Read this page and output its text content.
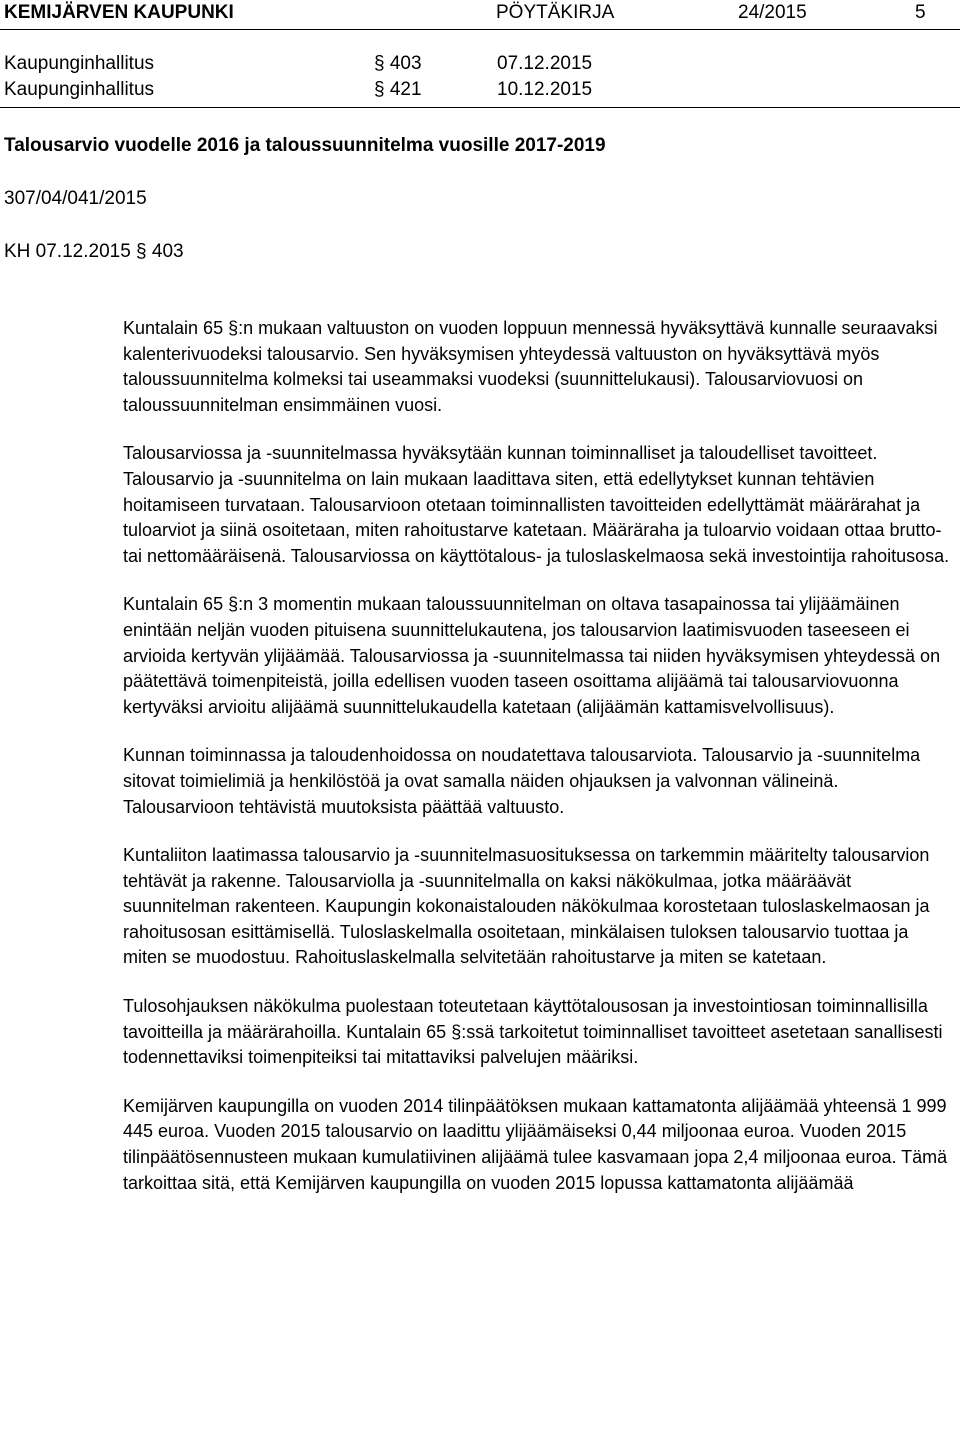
KEMIJÄRVEN KAUPUNKI	PÖYTÄKIRJA	24/2015	5
Kaupunginhallitus	§ 403	07.12.2015
Kaupunginhallitus	§ 421	10.12.2015
Talousarvio vuodelle 2016 ja taloussuunnitelma vuosille 2017-2019
307/04/041/2015
KH 07.12.2015 § 403

Kuntalain 65 §:n mukaan valtuuston on vuoden loppuun mennessä hyväksyttävä kunnalle seuraavaksi kalenterivuodeksi talousarvio. Sen hyväksymisen yhteydessä valtuuston on hyväksyttävä myös taloussuunnitelma kolmeksi tai useammaksi vuodeksi (suunnittelukausi). Talousarviovuosi on taloussuunnitelman ensimmäinen vuosi.

Talousarviossa ja -suunnitelmassa hyväksytään kunnan toiminnalliset ja taloudelliset tavoitteet. Talousarvio ja -suunnitelma on lain mukaan laadittava siten, että edellytykset kunnan tehtävien hoitamiseen turvataan. Talousarvioon otetaan toiminnallisten tavoitteiden edellyttämät määrärahat ja tuloarviot ja siinä osoitetaan, miten rahoitustarve katetaan. Määräraha ja tuloarvio voidaan ottaa brutto- tai nettomääräisenä. Talousarviossa on käyttötalous- ja tuloslaskelmaosa sekä investointija rahoitusosa.

Kuntalain 65 §:n 3 momentin mukaan taloussuunnitelman on oltava tasapainossa tai ylijäämäinen enintään neljän vuoden pituisena suunnittelukautena, jos talousarvion laatimisvuoden taseeseen ei arvioida kertyvän ylijäämää. Talousarviossa ja -suunnitelmassa tai niiden hyväksymisen yhteydessä on päätettävä toimenpiteistä, joilla edellisen vuoden taseen osoittama alijäämä tai talousarviovuonna kertyväksi arvioitu alijäämä suunnittelukaudella katetaan (alijäämän kattamisvelvollisuus).

Kunnan toiminnassa ja taloudenhoidossa on noudatettava talousarviota. Talousarvio ja -suunnitelma sitovat toimielimiä ja henkilöstöä ja ovat samalla näiden ohjauksen ja valvonnan välineinä. Talousarvioon tehtävistä muutoksista päättää valtuusto.

Kuntaliiton laatimassa talousarvio ja -suunnitelmasuosituksessa on tarkemmin määritelty talousarvion tehtävät ja rakenne. Talousarviolla ja -suunnitelmalla on kaksi näkökulmaa, jotka määräävät suunnitelman rakenteen. Kaupungin kokonaistalouden näkökulmaa korostetaan tuloslaskelmaosan ja rahoitusosan esittämisellä. Tuloslaskelmalla osoitetaan, minkälaisen tuloksen talousarvio tuottaa ja miten se muodostuu. Rahoituslaskelmalla selvitetään rahoitustarve ja miten se katetaan.

Tulosohjauksen näkökulma puolestaan toteutetaan käyttötalousosan ja investointiosan toiminnallisilla tavoitteilla ja määrärahoilla. Kuntalain 65 §:ssä tarkoitetut toiminnalliset tavoitteet asetetaan sanallisesti todennettaviksi toimenpiteiksi tai mitattaviksi palvelujen määriksi.

Kemijärven kaupungilla on vuoden 2014 tilinpäätöksen mukaan kattamatonta alijäämää yhteensä 1 999 445 euroa. Vuoden 2015 talousarvio on laadittu ylijäämäiseksi 0,44 miljoonaa euroa. Vuoden 2015 tilinpäätösennusteen mukaan kumulatiivinen alijäämä tulee kasvamaan jopa 2,4 miljoonaa euroa. Tämä tarkoittaa sitä, että Kemijärven kaupungilla on vuoden 2015 lopussa kattamatonta alijäämää
